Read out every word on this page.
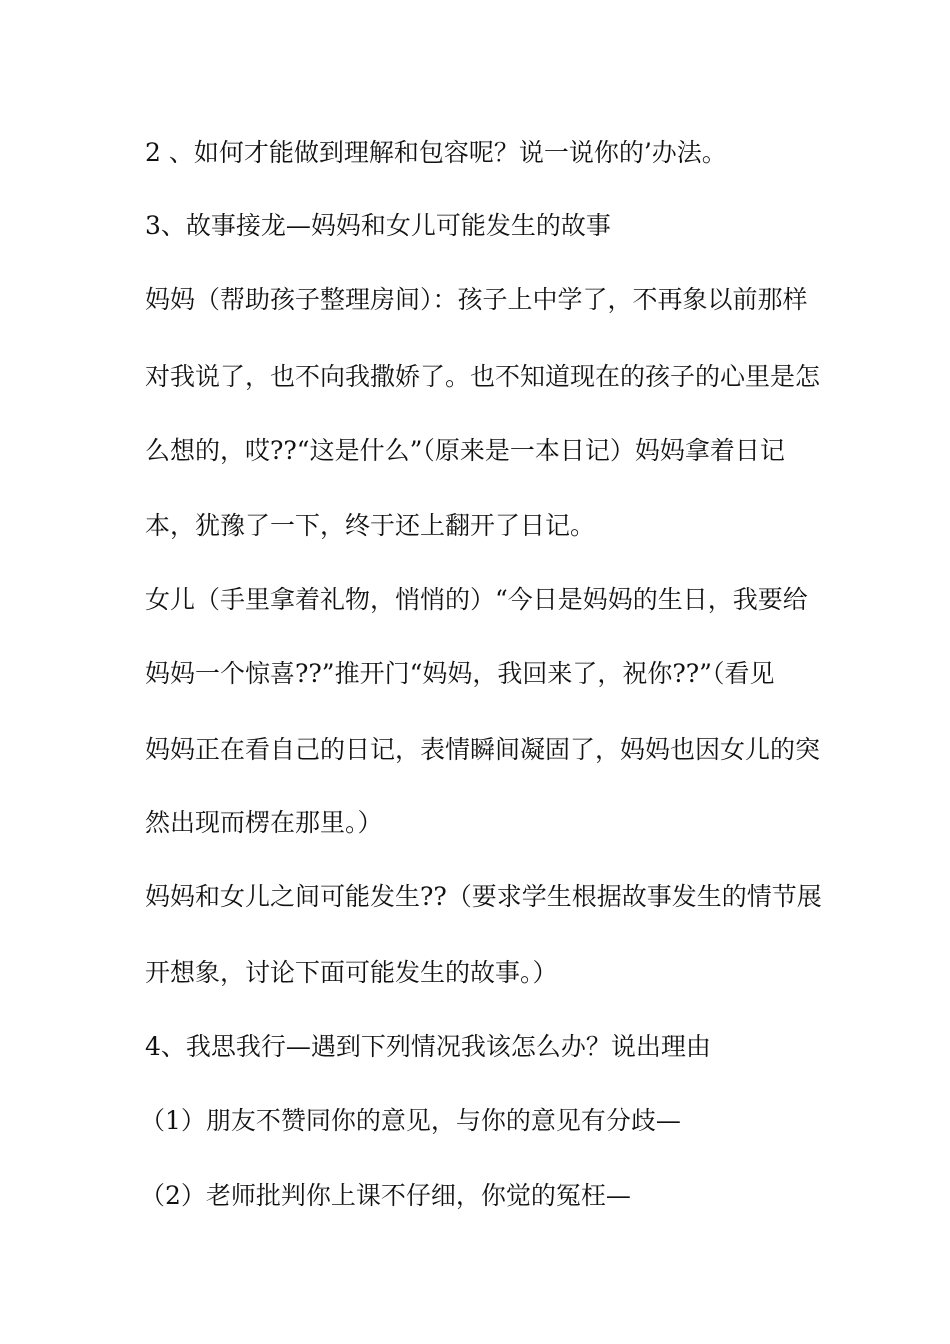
2 、如何才能做到理解和包容呢？说一说你的’办法。
3、故事接龙—妈妈和女儿可能发生的故事
妈妈（帮助孩子整理房间）：孩子上中学了，不再象以前那样
对我说了，也不向我撒娇了。也不知道现在的孩子的心里是怎
么想的，哎??“这是什么”（原来是一本日记）妈妈拿着日记
本，犹豫了一下，终于还上翻开了日记。
女儿（手里拿着礼物，悄悄的）“今日是妈妈的生日，我要给
妈妈一个惊喜??”推开门“妈妈，我回来了，祝你??”（看见
妈妈正在看自己的日记，表情瞬间凝固了，妈妈也因女儿的突
然出现而楞在那里。）
妈妈和女儿之间可能发生??（要求学生根据故事发生的情节展
开想象，讨论下面可能发生的故事。）
4、我思我行—遇到下列情况我该怎么办？说出理由
（1）朋友不赞同你的意见，与你的意见有分歧—
（2）老师批判你上课不仔细，你觉的冤枉—
